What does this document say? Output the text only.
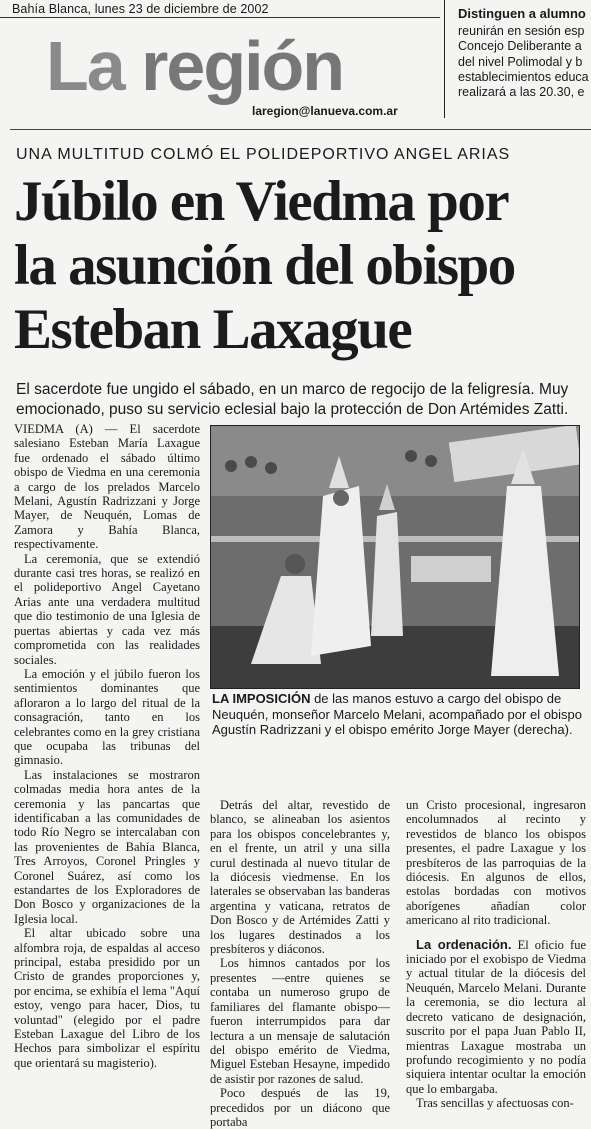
Bahía Blanca, lunes 23 de diciembre de 2002
La región
laregion@lanueva.com.ar
Distinguen a alumno
reunirán en sesión esp
Concejo Deliberante a
del nivel Polimodal y b
establecimientos educa
realizará a las 20.30, e
UNA MULTITUD COLMÓ EL POLIDEPORTIVO ANGEL ARIAS
Júbilo en Viedma por
la asunción del obispo
Esteban Laxague
El sacerdote fue ungido el sábado, en un marco de regocijo de la feligresía. Muy emocionado, puso su servicio eclesial bajo la protección de Don Artémides Zatti.

VIEDMA (A) — El sacerdote salesiano Esteban María Laxague fue ordenado el sábado último obispo de Viedma en una ceremonia a cargo de los prelados Marcelo Melani, Agustín Radrizzani y Jorge Mayer, de Neuquén, Lomas de Zamora y Bahía Blanca, respectivamente.

La ceremonia, que se extendió durante casi tres horas, se realizó en el polideportivo Angel Cayetano Arias ante una verdadera multitud que dio testimonio de una Iglesia de puertas abiertas y cada vez más comprometida con las realidades sociales.

La emoción y el júbilo fueron los sentimientos dominantes que afloraron a lo largo del ritual de la consagración, tanto en los celebrantes como en la grey cristiana que ocupaba las tribunas del gimnasio.

Las instalaciones se mostraron colmadas media hora antes de la ceremonia y las pancartas que identificaban a las comunidades de todo Río Negro se intercalaban con las provenientes de Bahía Blanca, Tres Arroyos, Coronel Pringles y Coronel Suárez, así como los estandartes de los Exploradores de Don Bosco y organizaciones de la Iglesia local.

El altar ubicado sobre una alfombra roja, de espaldas al acceso principal, estaba presidido por un Cristo de grandes proporciones y, por encima, se exhibía el lema "Aquí estoy, vengo para hacer, Dios, tu voluntad" (elegido por el padre Esteban Laxague del Libro de los Hechos para simbolizar el espíritu que orientará su magisterio).

LA IMPOSICIÓN de las manos estuvo a cargo del obispo de Neuquén, monseñor Marcelo Melani, acompañado por el obispo Agustín Radrizzani y el obispo emérito Jorge Mayer (derecha).

Detrás del altar, revestido de blanco, se alineaban los asientos para los obispos concelebrantes y, en el frente, un atril y una silla curul destinada al nuevo titular de la diócesis viedmense. En los laterales se observaban las banderas argentina y vaticana, retratos de Don Bosco y de Artémides Zatti y los lugares destinados a los presbíteros y diáconos.

Los himnos cantados por los presentes —entre quienes se contaba un numeroso grupo de familiares del flamante obispo— fueron interrumpidos para dar lectura a un mensaje de salutación del obispo emérito de Viedma, Miguel Esteban Hesayne, impedido de asistir por razones de salud.

Poco después de las 19, precedidos por un diácono que portaba

un Cristo procesional, ingresaron encolumnados al recinto y revestidos de blanco los obispos presentes, el padre Laxague y los presbíteros de las parroquias de la diócesis. En algunos de ellos, estolas bordadas con motivos aborígenes añadían color americano al rito tradicional.

La ordenación. El oficio fue iniciado por el exobispo de Viedma y actual titular de la diócesis del Neuquén, Marcelo Melani. Durante la ceremonia, se dio lectura al decreto vaticano de designación, suscrito por el papa Juan Pablo II, mientras Laxague mostraba un profundo recogimiento y no podía siquiera intentar ocultar la emoción que lo embargaba.

Tras sencillas y afectuosas con-
